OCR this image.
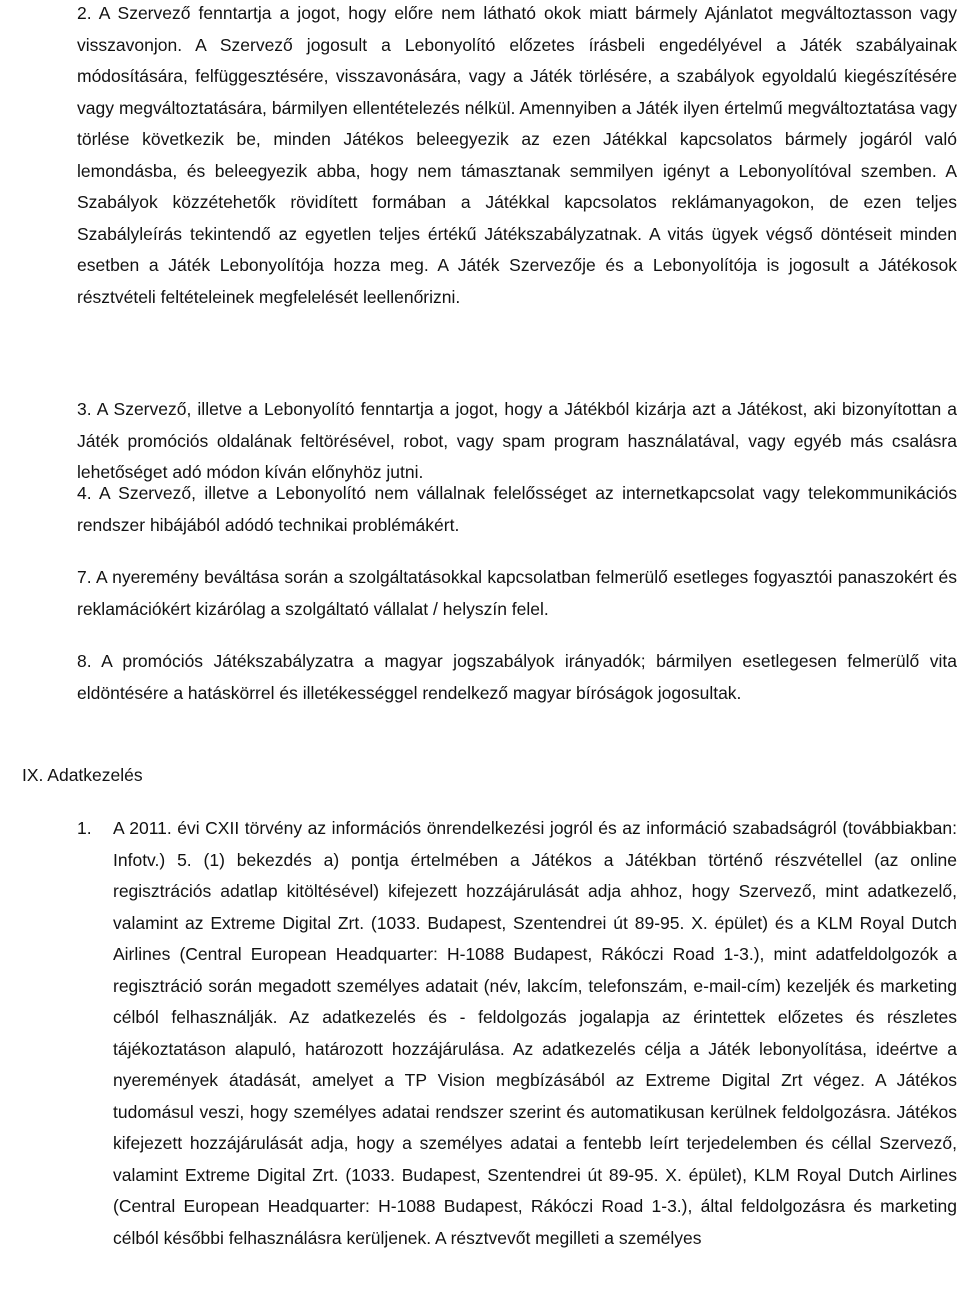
2. A Szervező fenntartja a jogot, hogy előre nem látható okok miatt bármely Ajánlatot megváltoztasson vagy visszavonjon. A Szervező jogosult a Lebonyolító előzetes írásbeli engedélyével a Játék szabályainak módosítására, felfüggesztésére, visszavonására, vagy a Játék törlésére, a szabályok egyoldalú kiegészítésére vagy megváltoztatására, bármilyen ellentételezés nélkül. Amennyiben a Játék ilyen értelmű megváltoztatása vagy törlése következik be, minden Játékos beleegyezik az ezen Játékkal kapcsolatos bármely jogáról való lemondásba, és beleegyezik abba, hogy nem támasztanak semmilyen igényt a Lebonyolítóval szemben. A Szabályok közzétehetők rövidített formában a Játékkal kapcsolatos reklámanyagokon, de ezen teljes Szabályleírás tekintendő az egyetlen teljes értékű Játékszabályzatnak. A vitás ügyek végső döntéseit minden esetben a Játék Lebonyolítója hozza meg. A Játék Szervezője és a Lebonyolítója is jogosult a Játékosok résztvételi feltételeinek megfelelését leellenőrizni.

3. A Szervező, illetve a Lebonyolító fenntartja a jogot, hogy a Játékból kizárja azt a Játékost, aki bizonyítottan a Játék promóciós oldalának feltörésével, robot, vagy spam program használatával, vagy egyéb más csalásra lehetőséget adó módon kíván előnyhöz jutni.

4. A Szervező, illetve a Lebonyolító nem vállalnak felelősséget az internetkapcsolat vagy telekommunikációs rendszer hibájából adódó technikai problémákért.

7. A nyeremény beváltása során a szolgáltatásokkal kapcsolatban felmerülő esetleges fogyasztói panaszokért és reklamációkért kizárólag a szolgáltató vállalat / helyszín felel.

8. A promóciós Játékszabályzatra a magyar jogszabályok irányadók; bármilyen esetlegesen felmerülő vita eldöntésére a hatáskörrel és illetékességgel rendelkező magyar bíróságok jogosultak.

IX. Adatkezelés

1. A 2011. évi CXII törvény az információs önrendelkezési jogról és az információ szabadságról (továbbiakban: Infotv.) 5. (1) bekezdés a) pontja értelmében a Játékos a Játékban történő részvétellel (az online regisztrációs adatlap kitöltésével) kifejezett hozzájárulását adja ahhoz, hogy Szervező, mint adatkezelő, valamint az Extreme Digital Zrt. (1033. Budapest, Szentendrei út 89-95. X. épület) és a KLM Royal Dutch Airlines (Central European Headquarter: H-1088 Budapest, Rákóczi Road 1-3.), mint adatfeldolgozók a regisztráció során megadott személyes adatait (név, lakcím, telefonszám, e-mail-cím) kezeljék és marketing célból felhasználják. Az adatkezelés és - feldolgozás jogalapja az érintettek előzetes és részletes tájékoztatáson alapuló, határozott hozzájárulása. Az adatkezelés célja a Játék lebonyolítása, ideértve a nyeremények átadását, amelyet a TP Vision megbízásából az Extreme Digital Zrt végez. A Játékos tudomásul veszi, hogy személyes adatai rendszer szerint és automatikusan kerülnek feldolgozásra. Játékos kifejezett hozzájárulását adja, hogy a személyes adatai a fentebb leírt terjedelemben és céllal Szervező, valamint Extreme Digital Zrt. (1033. Budapest, Szentendrei út 89-95. X. épület), KLM Royal Dutch Airlines (Central European Headquarter: H-1088 Budapest, Rákóczi Road 1-3.), által feldolgozásra és marketing célból későbbi felhasználásra kerüljenek. A résztvevőt megilleti a személyes
